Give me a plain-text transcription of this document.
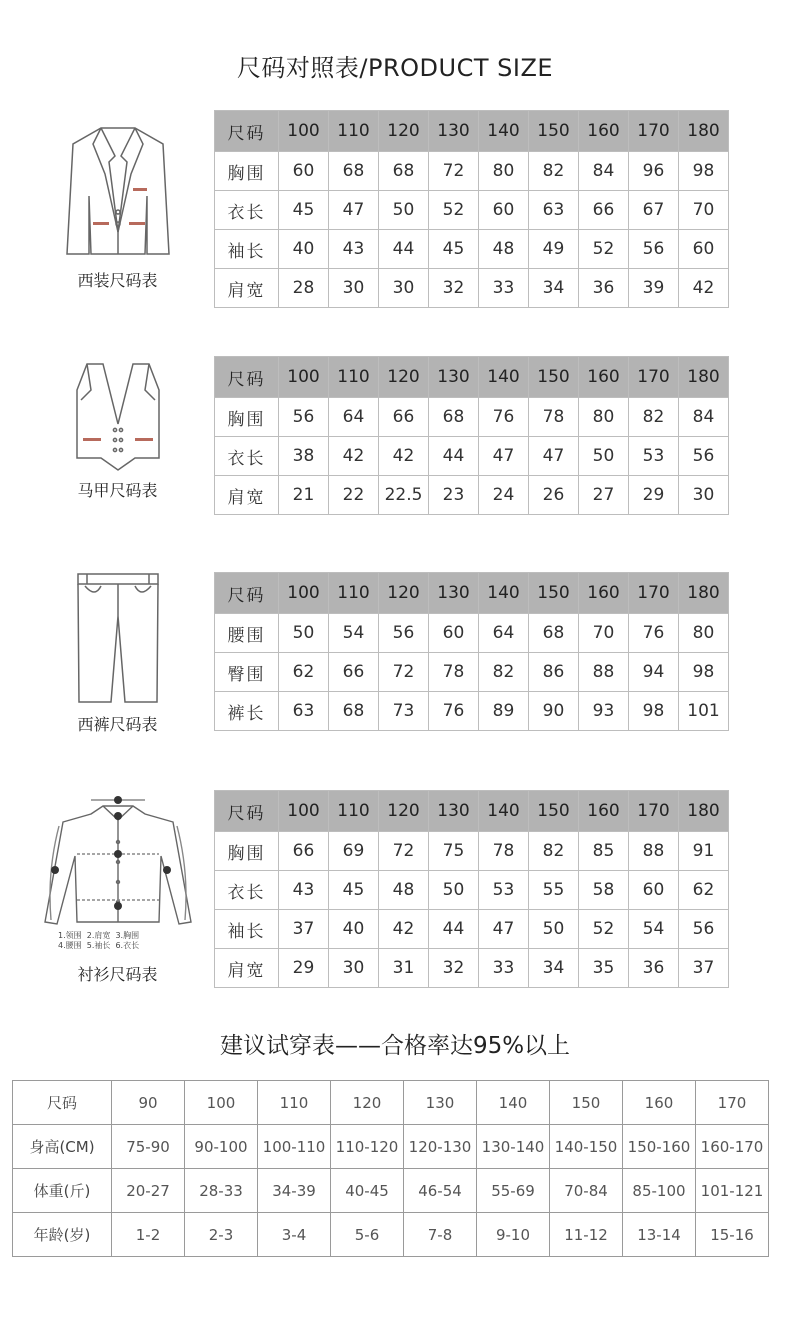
尺码对照表/PRODUCT SIZE
西装尺码表
尺码	100	110	120	130	140	150	160	170	180
胸围	60	68	68	72	80	82	84	96	98
衣长	45	47	50	52	60	63	66	67	70
袖长	40	43	44	45	48	49	52	56	60
肩宽	28	30	30	32	33	34	36	39	42
马甲尺码表
尺码	100	110	120	130	140	150	160	170	180
胸围	56	64	66	68	76	78	80	82	84
衣长	38	42	42	44	47	47	50	53	56
肩宽	21	22	22.5	23	24	26	27	29	30
西裤尺码表
尺码	100	110	120	130	140	150	160	170	180
腰围	50	54	56	60	64	68	70	76	80
臀围	62	66	72	78	82	86	88	94	98
裤长	63	68	73	76	89	90	93	98	101
1.领围 2.肩宽 3.胸围
4.腰围 5.袖长 6.衣长
衬衫尺码表
尺码	100	110	120	130	140	150	160	170	180
胸围	66	69	72	75	78	82	85	88	91
衣长	43	45	48	50	53	55	58	60	62
袖长	37	40	42	44	47	50	52	54	56
肩宽	29	30	31	32	33	34	35	36	37
建议试穿表——合格率达95%以上
尺码	90	100	110	120	130	140	150	160	170
身高(CM)	75-90	90-100	100-110	110-120	120-130	130-140	140-150	150-160	160-170
体重(斤)	20-27	28-33	34-39	40-45	46-54	55-69	70-84	85-100	101-121
年龄(岁)	1-2	2-3	3-4	5-6	7-8	9-10	11-12	13-14	15-16
